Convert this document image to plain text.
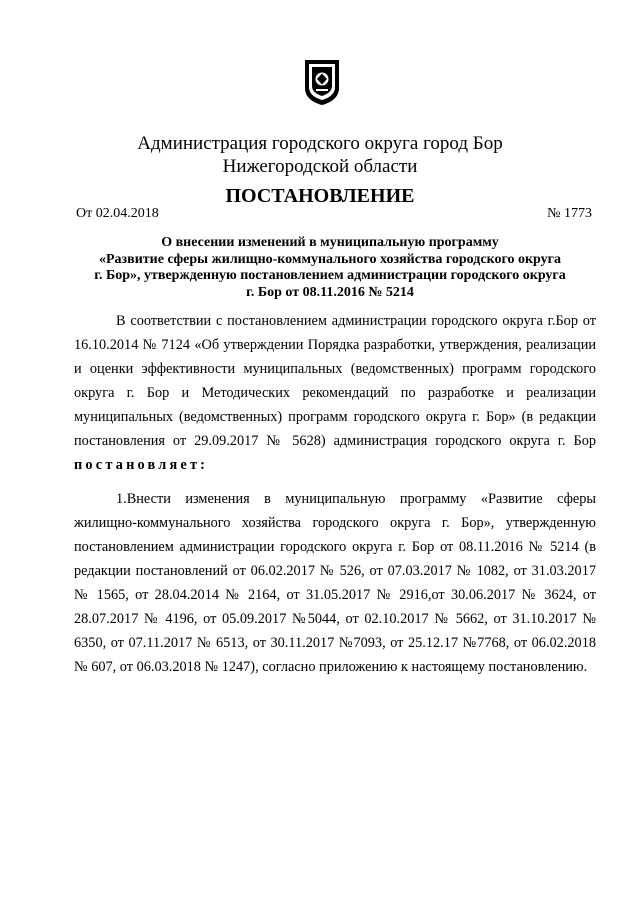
Администрация городского округа город Бор
Нижегородской области
ПОСТАНОВЛЕНИЕ
От 02.04.2018	№ 1773
О внесении изменений в муниципальную программу
«Развитие сферы жилищно-коммунального хозяйства городского округа
г. Бор», утвержденную постановлением администрации городского округа
г. Бор от 08.11.2016 № 5214

В соответствии с постановлением администрации городского округа г.Бор от 16.10.2014 № 7124 «Об утверждении Порядка разработки, утверждения, реализации и оценки эффективности муниципальных (ведомственных) программ городского округа г. Бор и Методических рекомендаций по разработке и реализации муниципальных (ведомственных) программ городского округа г. Бор» (в редакции постановления от 29.09.2017 № 5628) администрация городского округа г. Бор постановляет:

1.Внести изменения в муниципальную программу «Развитие сферы жилищно-коммунального хозяйства городского округа г. Бор», утвержденную постановлением администрации городского округа г. Бор от 08.11.2016 № 5214 (в редакции постановлений от 06.02.2017 № 526, от 07.03.2017 № 1082, от 31.03.2017 № 1565, от 28.04.2014 № 2164, от 31.05.2017 № 2916,от 30.06.2017 № 3624, от 28.07.2017 № 4196, от 05.09.2017 №5044, от 02.10.2017 № 5662, от 31.10.2017 № 6350, от 07.11.2017 № 6513, от 30.11.2017 №7093, от 25.12.17 №7768, от 06.02.2018 № 607, от 06.03.2018 № 1247), согласно приложению к настоящему постановлению.
